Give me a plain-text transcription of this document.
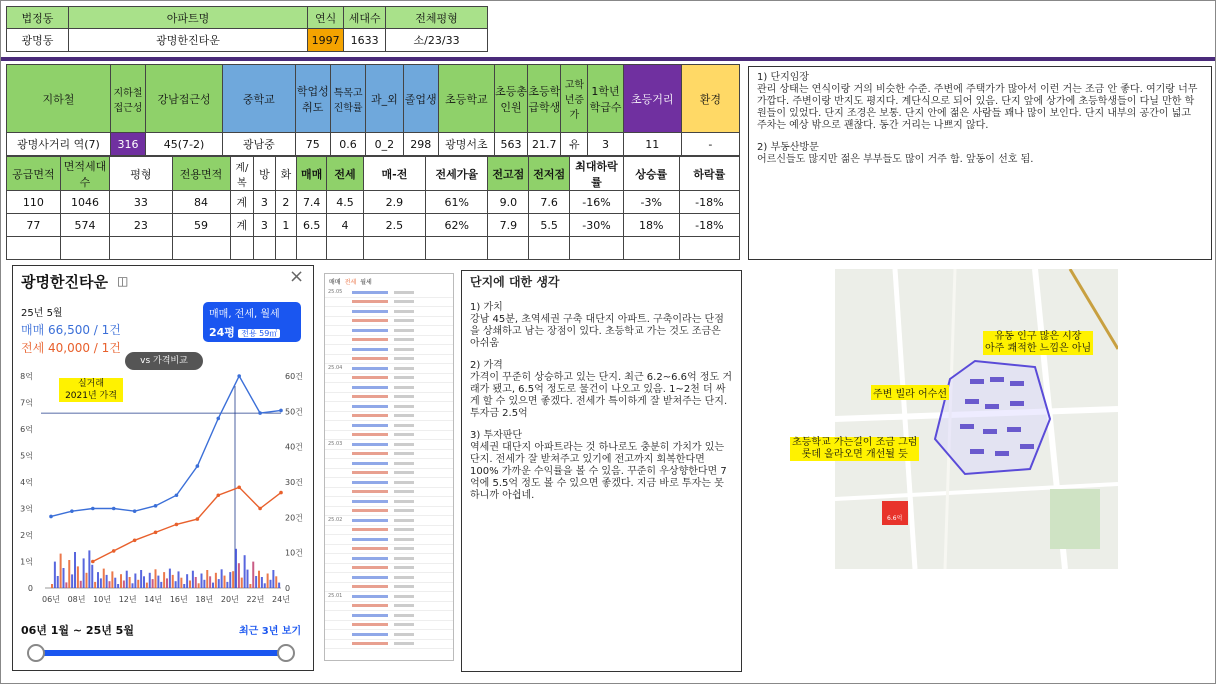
법정동	아파트명	연식	세대수	전체평형
광명동	광명한진타운	1997	1633	소/23/33
지하철	지하철접근성	강남접근성	중학교	학업성취도	특목고진학률	과_외	졸업생	초등학교	초등총인원	초등학급학생	고학년증가	1학년학급수	초등거리	환경
광명사거리 역(7)	316	45(7-2)	광남중	75	0.6	0_2	298	광명서초	563	21.7	유	3	11	-
공급면적	면적세대수	평형	전용면적	계/복	방	화	매매	전세	매-전	전세가율	전고점	전저점	최대하락률	상승률	하락률
110	1046	33	84	계	3	2	7.4	4.5	2.9	61%	9.0	7.6	-16%	-3%	-18%
77	574	23	59	계	3	1	6.5	4	2.5	62%	7.9	5.5	-30%	18%	-18%

1) 단지임장

관리 상태는 연식이랑 거의 비슷한 수준. 주변에 주택가가 많아서 이런 거는 조금 안 좋다. 여기랑 너무 가깝다. 주변이랑 반지도 평지다. 계단식으로 되어 있음. 단지 앞에 상가에 초등학생들이 다닐 만한 학원들이 있었다. 단지 조경은 보통. 단지 안에 젊은 사람들 꽤나 많이 보인다. 단지 내부의 공간이 넓고 주차는 예상 밖으로 괜찮다. 동간 거리는 나쁘지 않다.

2) 부동산방문

어르신들도 많지만 젊은 부부들도 많이 거주 함. 앞동이 선호 됨.

광명한진타운 ◫	×
25년 5월
매매 66,500 / 1건
전세 40,000 / 1건
매매, 전세, 월세
24평 전용 59㎡
vs 가격비교
0
1억
2억
3억
4억
5억
6억
7억
8억
0
10건
20건
30건
40건
50건
60건
06년 08년 10년 12년 14년 16년 18년 20년 22년 24년
실거래
2021년 가격
06년 1월 ~ 25년 5월	최근 3년 보기
매매 전세 월세
25.05
25.04
25.03
25.02
25.01
단지에 대한 생각
1) 가치

강남 45분, 초역세권 구축 대단지 아파트. 구축이라는 단점을 상쇄하고 남는 장점이 있다. 초등학교 가는 것도 조금은 아쉬움

2) 가격

가격이 꾸준히 상승하고 있는 단지. 최근 6.2~6.6억 정도 거래가 됐고, 6.5억 정도로 물건이 나오고 있음. 1~2천 더 싸게 할 수 있으면 좋겠다. 전세가 특이하게 잘 받쳐주는 단지. 투자금 2.5억

3) 투자판단

역세권 대단지 아파트라는 것 하나로도 충분히 가치가 있는 단지. 전세가 잘 받쳐주고 있기에 전고까지 회복한다면 100% 가까운 수익률을 볼 수 있음. 꾸준히 우상향한다면 7억에 5.5억 정도 볼 수 있으면 좋겠다. 지금 바로 투자는 못하니까 아쉽네.

6.6억
유동 인구 많은 시장
아주 쾌적한 느낌은 아님
주변 빌라 어수선
초등학교 가는길이 조금 그럼
롯데 올라오면 개선될 듯
